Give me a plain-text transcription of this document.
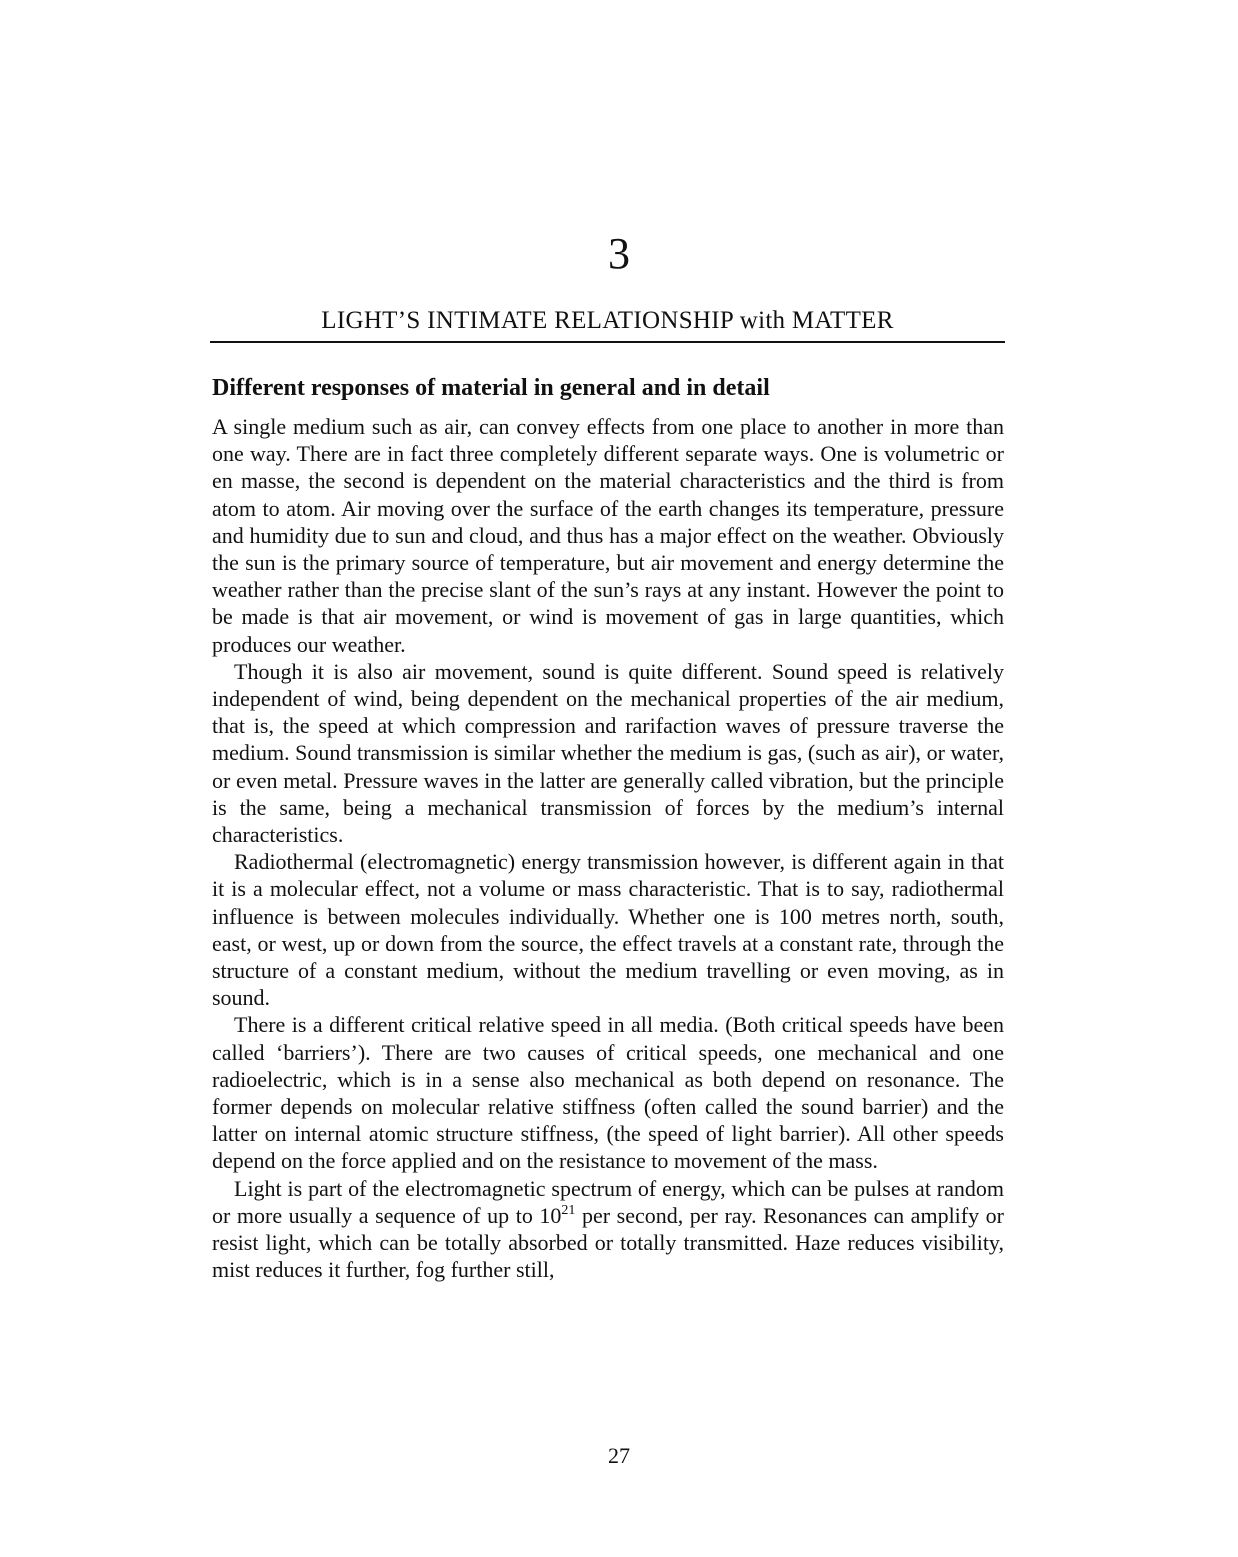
3
LIGHT’S INTIMATE RELATIONSHIP with MATTER
Different responses of material in general and in detail

A single medium such as air, can convey effects from one place to another in more than one way. There are in fact three completely different separate ways. One is volumetric or en masse, the second is dependent on the material characteristics and the third is from atom to atom. Air moving over the surface of the earth changes its temperature, pressure and humidity due to sun and cloud, and thus has a major effect on the weather. Obviously the sun is the primary source of temperature, but air movement and energy determine the weather rather than the precise slant of the sun’s rays at any instant. However the point to be made is that air movement, or wind is movement of gas in large quantities, which produces our weather.

Though it is also air movement, sound is quite different. Sound speed is relatively independent of wind, being dependent on the mechanical properties of the air medium, that is, the speed at which compression and rarifaction waves of pressure traverse the medium. Sound transmission is similar whether the medium is gas, (such as air), or water, or even metal. Pressure waves in the latter are generally called vibration, but the principle is the same, being a mechanical transmission of forces by the medium’s internal characteristics.

Radiothermal (electromagnetic) energy transmission however, is different again in that it is a molecular effect, not a volume or mass characteristic. That is to say, radiothermal influence is between molecules individually. Whether one is 100 metres north, south, east, or west, up or down from the source, the effect travels at a constant rate, through the structure of a constant medium, without the medium travelling or even moving, as in sound.

There is a different critical relative speed in all media. (Both critical speeds have been called ‘barriers’). There are two causes of critical speeds, one mechanical and one radioelectric, which is in a sense also mechanical as both depend on resonance. The former depends on molecular relative stiffness (often called the sound barrier) and the latter on internal atomic structure stiffness, (the speed of light barrier). All other speeds depend on the force applied and on the resistance to movement of the mass.

Light is part of the electromagnetic spectrum of energy, which can be pulses at random or more usually a sequence of up to $10^{21}$ per second, per ray. Resonances can amplify or resist light, which can be totally absorbed or totally transmitted. Haze reduces visibility, mist reduces it further, fog further still,

27
